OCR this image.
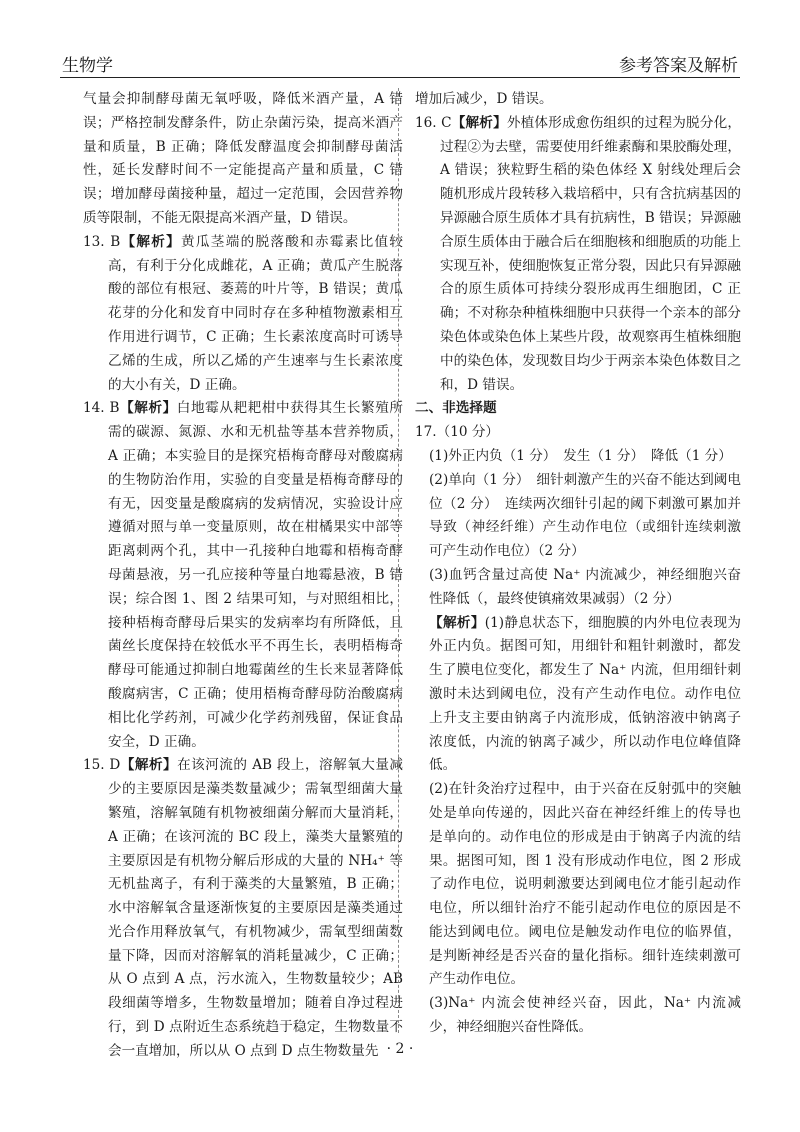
生物学	参考答案及解析

气量会抑制酵母菌无氧呼吸，降低米酒产量，A 错误；严格控制发酵条件，防止杂菌污染，提高米酒产量和质量，B 正确；降低发酵温度会抑制酵母菌活性，延长发酵时间不一定能提高产量和质量，C 错误；增加酵母菌接种量，超过一定范围，会因营养物质等限制，不能无限提高米酒产量，D 错误。

13. B【解析】黄瓜茎端的脱落酸和赤霉素比值较高，有利于分化成雌花，A 正确；黄瓜产生脱落酸的部位有根冠、萎蔫的叶片等，B 错误；黄瓜花芽的分化和发育中同时存在多种植物激素相互作用进行调节，C 正确；生长素浓度高时可诱导乙烯的生成，所以乙烯的产生速率与生长素浓度的大小有关，D 正确。

14. B【解析】白地霉从耙耙柑中获得其生长繁殖所需的碳源、氮源、水和无机盐等基本营养物质，A 正确；本实验目的是探究梧梅奇酵母对酸腐病的生物防治作用，实验的自变量是梧梅奇酵母的有无，因变量是酸腐病的发病情况，实验设计应遵循对照与单一变量原则，故在柑橘果实中部等距离刺两个孔，其中一孔接种白地霉和梧梅奇酵母菌悬液，另一孔应接种等量白地霉悬液，B 错误；综合图 1、图 2 结果可知，与对照组相比，接种梧梅奇酵母后果实的发病率均有所降低，且菌丝长度保持在较低水平不再生长，表明梧梅奇酵母可能通过抑制白地霉菌丝的生长来显著降低酸腐病害，C 正确；使用梧梅奇酵母防治酸腐病相比化学药剂，可减少化学药剂残留，保证食品安全，D 正确。

15. D【解析】在该河流的 AB 段上，溶解氧大量减少的主要原因是藻类数量减少；需氧型细菌大量繁殖，溶解氧随有机物被细菌分解而大量消耗，A 正确；在该河流的 BC 段上，藻类大量繁殖的主要原因是有机物分解后形成的大量的 NH₄⁺ 等无机盐离子，有利于藻类的大量繁殖，B 正确；水中溶解氧含量逐渐恢复的主要原因是藻类通过光合作用释放氧气，有机物减少，需氧型细菌数量下降，因而对溶解氧的消耗量减少，C 正确；从 O 点到 A 点，污水流入，生物数量较少；AB 段细菌等增多，生物数量增加；随着自净过程进行，到 D 点附近生态系统趋于稳定，生物数量不会一直增加，所以从 O 点到 D 点生物数量先

增加后减少，D 错误。

16. C【解析】外植体形成愈伤组织的过程为脱分化，过程②为去壁，需要使用纤维素酶和果胶酶处理，A 错误；狭粒野生稻的染色体经 X 射线处理后会随机形成片段转移入栽培稻中，只有含抗病基因的异源融合原生质体才具有抗病性，B 错误；异源融合原生质体由于融合后在细胞核和细胞质的功能上实现互补，使细胞恢复正常分裂，因此只有异源融合的原生质体可持续分裂形成再生细胞团，C 正确；不对称杂种植株细胞中只获得一个亲本的部分染色体或染色体上某些片段，故观察再生植株细胞中的染色体，发现数目均少于两亲本染色体数目之和，D 错误。

二、非选择题

17.（10 分）

(1)外正内负（1 分）　发生（1 分）　降低（1 分）

(2)单向（1 分）　细针刺激产生的兴奋不能达到阈电位（2 分）　连续两次细针引起的阈下刺激可累加并导致（神经纤维）产生动作电位（或细针连续刺激可产生动作电位）（2 分）

(3)血钙含量过高使 Na⁺ 内流减少，神经细胞兴奋性降低（，最终使镇痛效果减弱）（2 分）

【解析】(1)静息状态下，细胞膜的内外电位表现为外正内负。据图可知，用细针和粗针刺激时，都发生了膜电位变化，都发生了 Na⁺ 内流，但用细针刺激时未达到阈电位，没有产生动作电位。动作电位上升支主要由钠离子内流形成，低钠溶液中钠离子浓度低，内流的钠离子减少，所以动作电位峰值降低。

(2)在针灸治疗过程中，由于兴奋在反射弧中的突触处是单向传递的，因此兴奋在神经纤维上的传导也是单向的。动作电位的形成是由于钠离子内流的结果。据图可知，图 1 没有形成动作电位，图 2 形成了动作电位，说明刺激要达到阈电位才能引起动作电位，所以细针治疗不能引起动作电位的原因是不能达到阈电位。阈电位是触发动作电位的临界值，是判断神经是否兴奋的量化指标。细针连续刺激可产生动作电位。

(3)Na⁺ 内流会使神经兴奋，因此，Na⁺ 内流减少，神经细胞兴奋性降低。

· 2 ·
